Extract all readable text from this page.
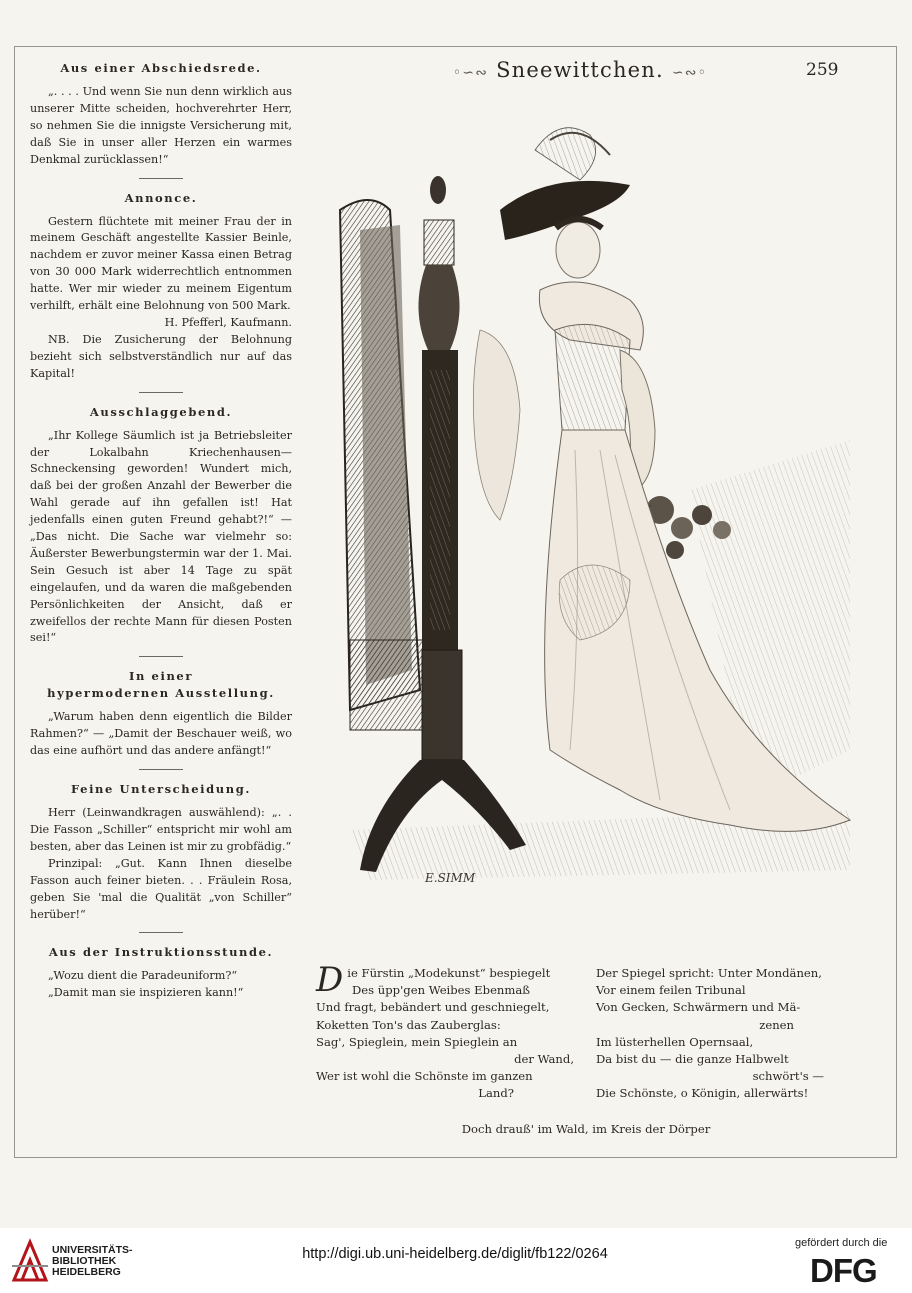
◦∽∾ Sneewittchen. ∽∾◦	259
Aus einer Abschiedsrede.

„. . . . Und wenn Sie nun denn wirklich aus unserer Mitte scheiden, hochverehrter Herr, so nehmen Sie die innigste Versicherung mit, daß Sie in unser aller Herzen ein warmes Denkmal zurücklassen!“

Annonce.

Gestern flüchtete mit meiner Frau der in meinem Geschäft angestellte Kassier Beinle, nachdem er zuvor meiner Kassa einen Betrag von 30 000 Mark widerrechtlich entnommen hatte. Wer mir wieder zu meinem Eigentum verhilft, erhält eine Belohnung von 500 Mark.

H. Pfefferl, Kaufmann.

NB. Die Zusicherung der Belohnung bezieht sich selbstverständlich nur auf das Kapital!

Ausschlaggebend.

„Ihr Kollege Säumlich ist ja Betriebsleiter der Lokalbahn Kriechenhausen—Schneckensing geworden! Wundert mich, daß bei der großen Anzahl der Bewerber die Wahl gerade auf ihn gefallen ist! Hat jedenfalls einen guten Freund gehabt?!“ — „Das nicht. Die Sache war vielmehr so: Äußerster Bewerbungstermin war der 1. Mai. Sein Gesuch ist aber 14 Tage zu spät eingelaufen, und da waren die maßgebenden Persönlichkeiten der Ansicht, daß er zweifellos der rechte Mann für diesen Posten sei!“

In einer
hypermodernen Ausstellung.

„Warum haben denn eigentlich die Bilder Rahmen?“ — „Damit der Beschauer weiß, wo das eine aufhört und das andere anfängt!“

Feine Unterscheidung.

Herr (Leinwandkragen auswählend): „. . Die Fasson „Schiller“ entspricht mir wohl am besten, aber das Leinen ist mir zu grobfädig.“

Prinzipal: „Gut. Kann Ihnen dieselbe Fasson auch feiner bieten. . . Fräulein Rosa, geben Sie 'mal die Qualität „von Schiller“ herüber!“

Aus der Instruktionsstunde.

„Wozu dient die Paradeuniform?“

„Damit man sie inspizieren kann!“

E.SIMM
Die Fürstin „Modekunst“ bespiegelt
Des üpp'gen Weibes Ebenmaß
Und fragt, bebändert und geschniegelt,
Koketten Ton's das Zauberglas:
Sag', Spieglein, mein Spieglein an
der Wand,
Wer ist wohl die Schönste im ganzen
Land?
Der Spiegel spricht: Unter Mondänen,
Vor einem feilen Tribunal
Von Gecken, Schwärmern und Mä-
zenen
Im lüsterhellen Opernsaal,
Da bist du — die ganze Halbwelt
schwört's —
Die Schönste, o Königin, allerwärts!
Doch drauß' im Wald, im Kreis der Dörper
UNIVERSITÄTS-
BIBLIOTHEK
HEIDELBERG
http://digi.ub.uni-heidelberg.de/diglit/fb122/0264
gefördert durch die
DFG
